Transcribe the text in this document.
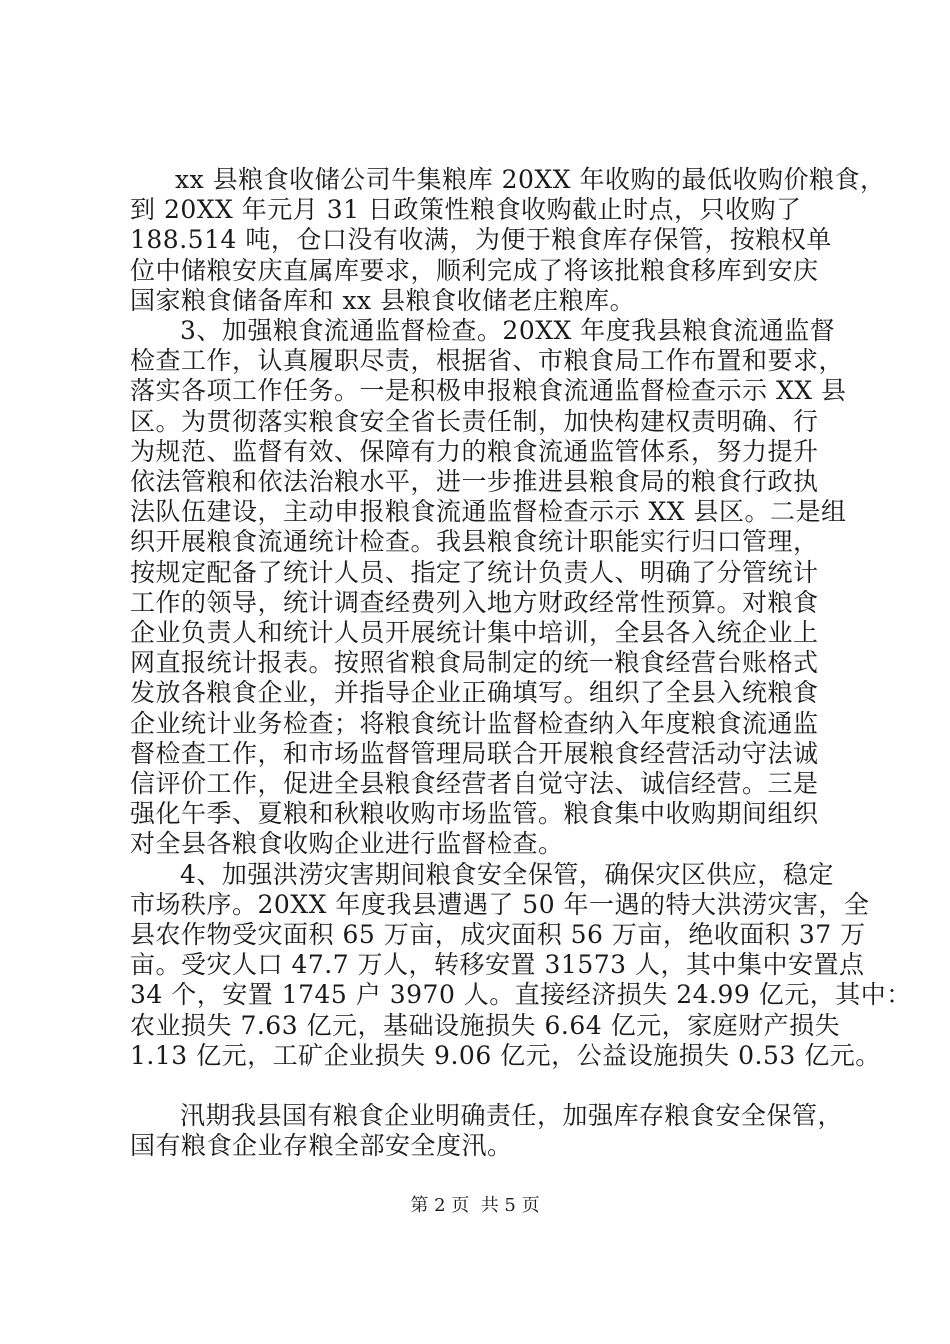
xx 县粮食收储公司牛集粮库 20XX 年收购的最低收购价粮食，
到 20XX 年元月 31 日政策性粮食收购截止时点，只收购了
188.514 吨，仓口没有收满，为便于粮食库存保管，按粮权单
位中储粮安庆直属库要求，顺利完成了将该批粮食移库到安庆
国家粮食储备库和 xx 县粮食收储老庄粮库。
3、加强粮食流通监督检查。20XX 年度我县粮食流通监督
检查工作，认真履职尽责，根据省、市粮食局工作布置和要求，
落实各项工作任务。一是积极申报粮食流通监督检查示示 XX 县
区。为贯彻落实粮食安全省长责任制，加快构建权责明确、行
为规范、监督有效、保障有力的粮食流通监管体系，努力提升
依法管粮和依法治粮水平，进一步推进县粮食局的粮食行政执
法队伍建设，主动申报粮食流通监督检查示示 XX 县区。二是组
织开展粮食流通统计检查。我县粮食统计职能实行归口管理，
按规定配备了统计人员、指定了统计负责人、明确了分管统计
工作的领导，统计调查经费列入地方财政经常性预算。对粮食
企业负责人和统计人员开展统计集中培训，全县各入统企业上
网直报统计报表。按照省粮食局制定的统一粮食经营台账格式
发放各粮食企业，并指导企业正确填写。组织了全县入统粮食
企业统计业务检查；将粮食统计监督检查纳入年度粮食流通监
督检查工作，和市场监督管理局联合开展粮食经营活动守法诚
信评价工作，促进全县粮食经营者自觉守法、诚信经营。三是
强化午季、夏粮和秋粮收购市场监管。粮食集中收购期间组织
对全县各粮食收购企业进行监督检查。
4、加强洪涝灾害期间粮食安全保管，确保灾区供应，稳定
市场秩序。20XX 年度我县遭遇了 50 年一遇的特大洪涝灾害，全
县农作物受灾面积 65 万亩，成灾面积 56 万亩，绝收面积 37 万
亩。受灾人口 47.7 万人，转移安置 31573 人，其中集中安置点
34 个，安置 1745 户 3970 人。直接经济损失 24.99 亿元，其中：
农业损失 7.63 亿元，基础设施损失 6.64 亿元，家庭财产损失
1.13 亿元，工矿企业损失 9.06 亿元，公益设施损失 0.53 亿元。
汛期我县国有粮食企业明确责任，加强库存粮食安全保管，
国有粮食企业存粮全部安全度汛。
第 2 页  共 5 页
